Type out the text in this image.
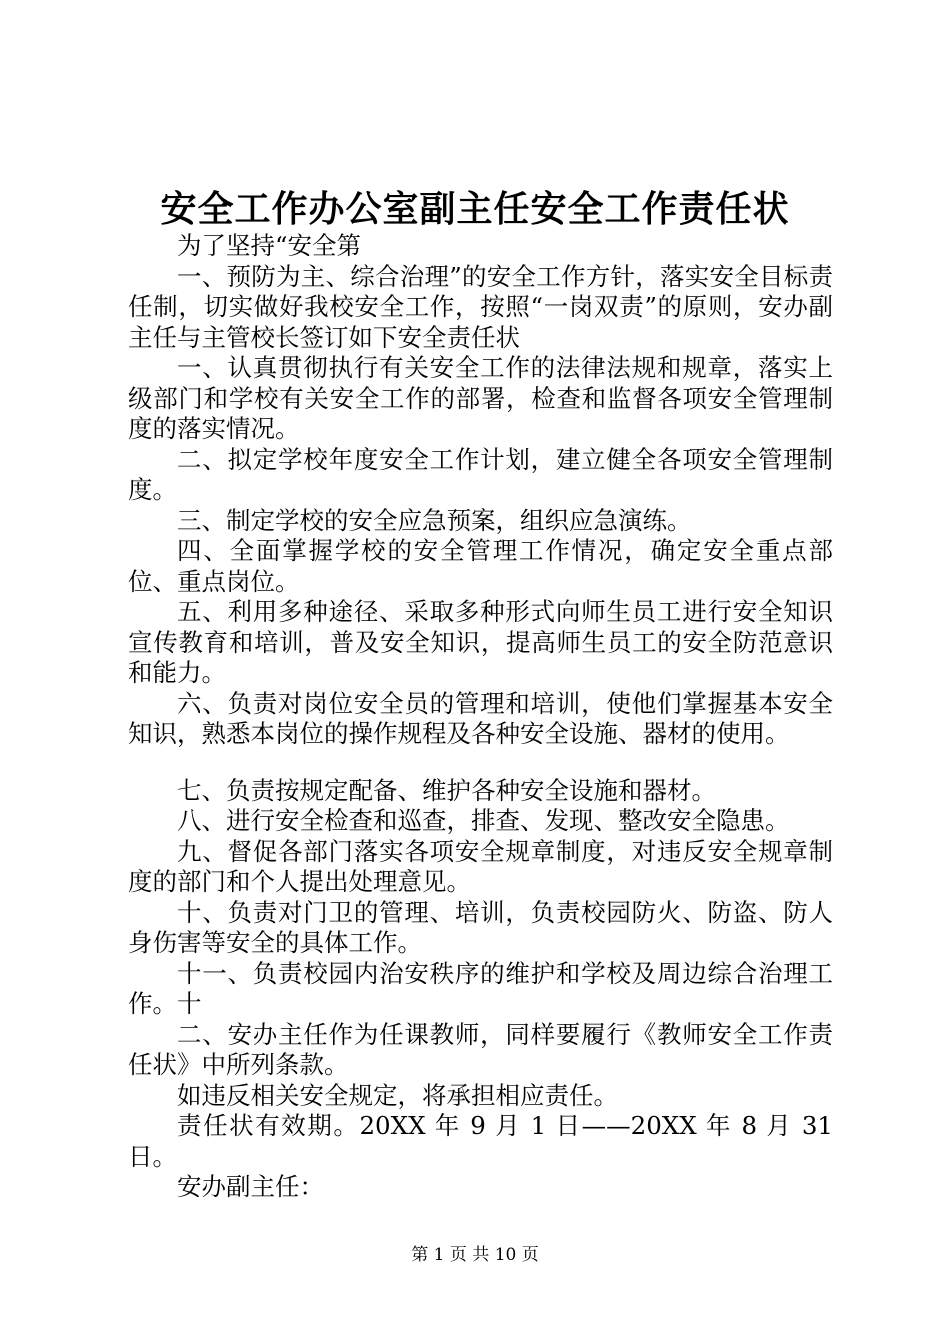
安全工作办公室副主任安全工作责任状

为了坚持“安全第

一、预防为主、综合治理”的安全工作方针，落实安全目标责任制，切实做好我校安全工作，按照“一岗双责”的原则，安办副主任与主管校长签订如下安全责任状

一、认真贯彻执行有关安全工作的法律法规和规章，落实上级部门和学校有关安全工作的部署，检查和监督各项安全管理制度的落实情况。

二、拟定学校年度安全工作计划，建立健全各项安全管理制度。

三、制定学校的安全应急预案，组织应急演练。

四、全面掌握学校的安全管理工作情况，确定安全重点部位、重点岗位。

五、利用多种途径、采取多种形式向师生员工进行安全知识宣传教育和培训，普及安全知识，提高师生员工的安全防范意识和能力。

六、负责对岗位安全员的管理和培训，使他们掌握基本安全知识，熟悉本岗位的操作规程及各种安全设施、器材的使用。

七、负责按规定配备、维护各种安全设施和器材。

八、进行安全检查和巡查，排查、发现、整改安全隐患。

九、督促各部门落实各项安全规章制度，对违反安全规章制度的部门和个人提出处理意见。

十、负责对门卫的管理、培训，负责校园防火、防盗、防人身伤害等安全的具体工作。

十一、负责校园内治安秩序的维护和学校及周边综合治理工作。十

二、安办主任作为任课教师，同样要履行《教师安全工作责任状》中所列条款。

如违反相关安全规定，将承担相应责任。

责任状有效期。20XX 年 9 月 1 日——20XX 年 8 月 31 日。

安办副主任：

第 1 页 共 10 页
